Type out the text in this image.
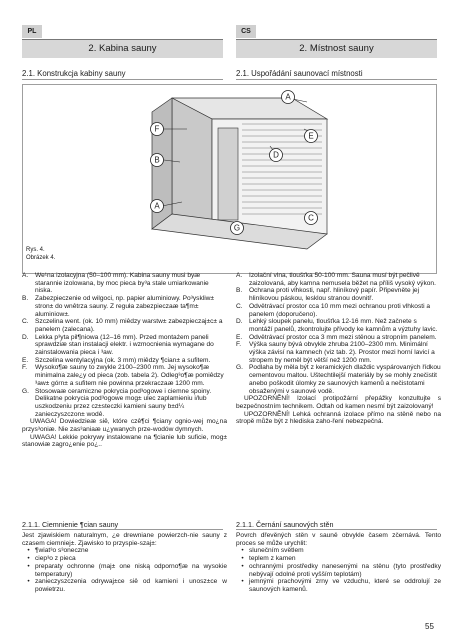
PL
2. Kabina sauny
2.1. Konstrukcja kabiny sauny
CS
2. Místnost sauny
2.1. Uspořádání saunovací místnosti
A
B
C
D
E
F
G
A
Rys. 4.
Obrázek 4.
A.	We¹na izolacyjna (50–100 mm). Kabina sauny musi byæ starannie izolowana, by moc pieca by³a stale umiarkowanie niska.
B.	Zabezpieczenie od wilgoci, np. papier aluminiowy. Po³yskliw± stron± do wnêtrza sauny. Z reguła zabezpieczaæ ta¶m± aluminiow±.
C. Szczelina went. (ok. 10 mm) miêdzy warstw± zabezpieczaj±c± a panelem (zalecana).
D. Lekka p³yta pil¶niowa (12–16 mm). Przed montażem paneli sprawdziæ stan instalacji elektr. i wzmocnienia wymagane do zainstalowania pieca i ³aw.
E.	Szczelina wentylacyjna (ok. 3 mm) miêdzy ¶cian± a sufitem.
F.	Wysoko¶æ sauny to zwykle 2100–2300 mm. Jej wysoko¶æ minimalna zale¿y od pieca (zob. tabela 2). Odleg³o¶æ pomiêdzy ³aw± górn± a sufitem nie powinna przekraczaæ 1200 mm.
G. Stosowaæ ceramiczne pokrycia pod³ogowe i ciemne spoiny. Delikatne pokrycia pod³ogowe mog± ulec zaplamieniu i/lub uszkodzeniu przez cz±steczki kamieni sauny b±d¼ zanieczyszczon± wodê.
UWAGA! Dowiedzieæ siê, które czê¶ci ¶ciany ognio-wej mo¿na przys³oniæ. Nie zas³aniaæ u¿ywanych prze-wodów dymnych.
UWAGA! Lekkie pokrywy instalowane na ¶cianie lub suficie, mog± stanowiæ zagro¿enie po¿..
A.	Izolační vlna, tloušťka 50-100 mm. Sauna musí být pečlivě zaizolovaná, aby kamna nemusela běžet na příliš vysoký výkon.
B.	Ochrana proti vlhkosti, např. hliníkový papír. Připevněte jej hliníkovou páskou, lesklou stranou dovnitř.
C. Odvětrávací prostor cca 10 mm mezi ochranou proti vlhkosti a panelem (doporučeno).
D. Lehký sloupek panelu, tloušťka 12-16 mm. Než začnete s montáží panelů, zkontrolujte přívody ke kamnům a výztuhy lavic.
E.	Odvětrávací prostor cca 3 mm mezi stěnou a stropním panelem.
F.	Výška sauny bývá obvykle zhruba 2100–2300 mm. Minimální výška závisí na kamnech (viz tab. 2). Prostor mezi horní lavicí a stropem by neměl být větší než 1200 mm.
G. Podlaha by měla být z keramických dlaždic vyspárovaných řídkou cementovou maltou. Uštechtilejší materiály by se mohly znečistit anebo poškodit úlomky ze saunových kamenů a nečistotami obsaženými v saunové vodě.
UPOZORNĚNÍ! Izolací protipožární přepážky konzultujte s bezpečnostním technikem. Odtah od kamen nesmí být zaizolovaný!
UPOZORNĚNÍ! Lehká ochranná izolace přímo na stěně nebo na stropě může být z hlediska zaho-ření nebezpečná.
2.1.1. Ciemnienie ¶cian sauny
Jest zjawiskiem naturalnym, ¿e drewniane powierzch-nie sauny z czasem ciemniej±. Zjawisko to przyspie-szaj±:
• ¶wiat³o s³oneczne
• ciep³o z pieca
• preparaty ochronne (maj± one niską odporno¶æ na wysokie temperatury)
• zanieczyszczenia odrywaj±ce siê od kamieni i unosz±ce w powietrzu.
2.1.1. Černání saunových stěn
Povrch dřevěných stěn v sauně obvykle časem zčernává. Tento proces se může urychlit:
• slunečním světlem
• teplem z kamen
• ochrannými prostředky nanesenými na stěnu (tyto prostředky nebývají odolné proti vyšším teplotám)
• jemnými prachovými zrny ve vzduchu, které se oddrolují ze saunových kamenů.
55
